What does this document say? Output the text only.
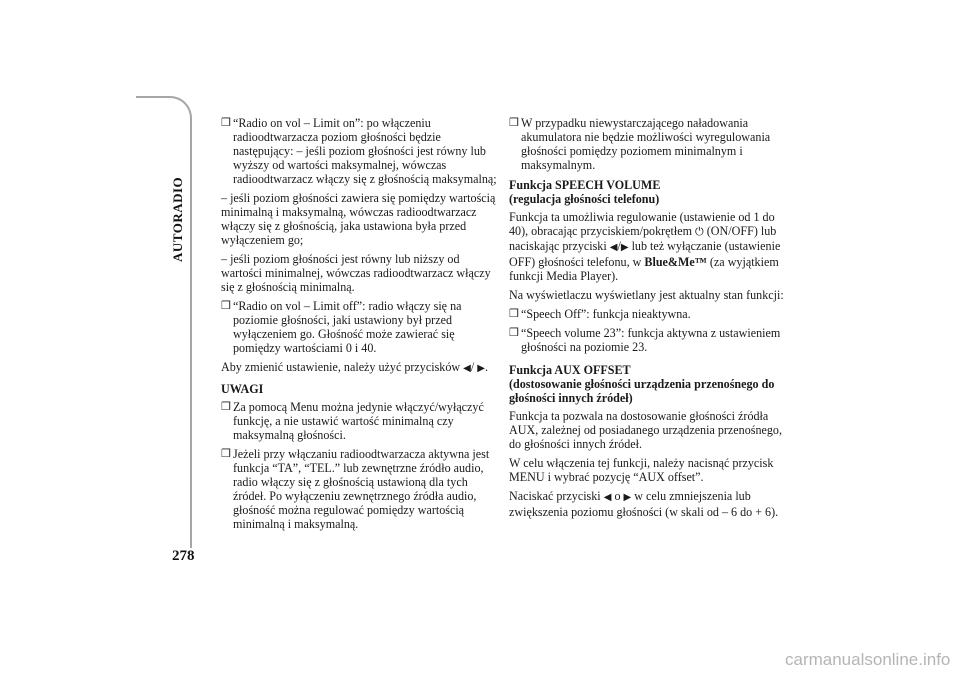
AUTORADIO
278
❒ “Radio on vol – Limit on”: po włączeniu radioodtwarzacza poziom głośności będzie następujący: – jeśli poziom głośności jest równy lub wyższy od wartości maksymalnej, wówczas radioodtwarzacz włączy się z głośnością maksymalną;

– jeśli poziom głośności zawiera się pomiędzy wartością minimalną i maksymalną, wówczas radioodtwarzacz włączy się z głośnością, jaka ustawiona była przed wyłączeniem go;

– jeśli poziom głośności jest równy lub niższy od wartości minimalnej, wówczas radioodtwarzacz włączy się z głośnością minimalną.

❒ “Radio on vol – Limit off”: radio włączy się na poziomie głośności, jaki ustawiony był przed wyłączeniem go. Głośność może zawierać się pomiędzy wartościami 0 i 40.

Aby zmienić ustawienie, należy użyć przycisków ◀/ ▶.

UWAGI
❒ Za pomocą Menu można jedynie włączyć/wyłączyć funkcję, a nie ustawić wartość minimalną czy maksymalną głośności.
❒ Jeżeli przy włączaniu radioodtwarzacza aktywna jest funkcja “TA”, “TEL.” lub zewnętrzne źródło audio, radio włączy się z głośnością ustawioną dla tych źródeł. Po wyłączeniu zewnętrznego źródła audio, głośność można regulować pomiędzy wartością minimalną i maksymalną.
❒ W przypadku niewystarczającego naładowania akumulatora nie będzie możliwości wyregulowania głośności pomiędzy poziomem minimalnym i maksymalnym.
Funkcja SPEECH VOLUME
(regulacja głośności telefonu)

Funkcja ta umożliwia regulowanie (ustawienie od 1 do 40), obracając przyciskiem/pokrętłem ⏻ (ON/OFF) lub naciskając przyciski ◀/▶ lub też wyłączanie (ustawienie OFF) głośności telefonu, w Blue&Me™ (za wyjątkiem funkcji Media Player).

Na wyświetlaczu wyświetlany jest aktualny stan funkcji:

❒ “Speech Off”: funkcja nieaktywna.
❒ “Speech volume 23”: funkcja aktywna z ustawieniem głośności na poziomie 23.
Funkcja AUX OFFSET
(dostosowanie głośności urządzenia przenośnego do głośności innych źródeł)

Funkcja ta pozwala na dostosowanie głośności źródła AUX, zależnej od posiadanego urządzenia przenośnego, do głośności innych źródeł.

W celu włączenia tej funkcji, należy nacisnąć przycisk MENU i wybrać pozycję “AUX offset”.

Naciskać przyciski ◀ o ▶ w celu zmniejszenia lub zwiększenia poziomu głośności (w skali od – 6 do + 6).

carmanualsonline.info
